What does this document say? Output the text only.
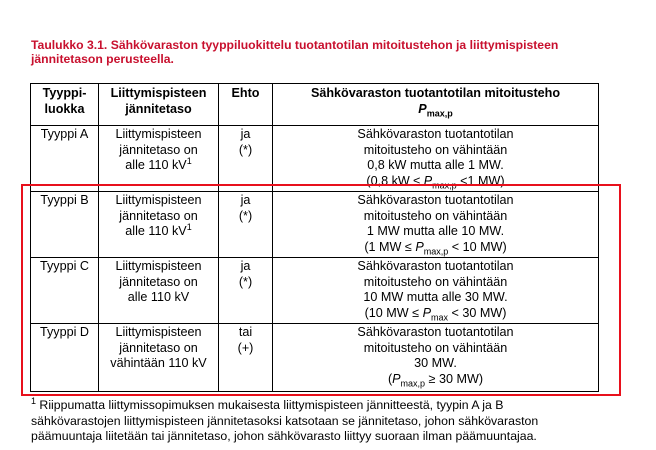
Taulukko 3.1. Sähkövaraston tyyppiluokittelu tuotantotilan mitoitustehon ja liittymispisteen jännitetason perusteella.
Tyyppi-
luokka	Liittymispisteen
jännitetaso	Ehto	Sähkövaraston tuotantotilan mitoitusteho
$P_{max,p}$
Tyyppi A	Liittymispisteen
jännitetaso on
alle 110 $kV^1$	ja
(*)	Sähkövaraston tuotantotilan
mitoitusteho on vähintään
0,8 kW mutta alle 1 MW.
(0,8 kW ≤ $P_{max,p} <1$ MW)
Tyyppi B	Liittymispisteen
jännitetaso on
alle 110 $kV^1$	ja
(*)	Sähkövaraston tuotantotilan
mitoitusteho on vähintään
1 MW mutta alle 10 MW.
(1 MW ≤ $P_{max,p} < 10$ MW)
Tyyppi C	Liittymispisteen
jännitetaso on
alle 110 kV	ja
(*)	Sähkövaraston tuotantotilan
mitoitusteho on vähintään
10 MW mutta alle 30 MW.
(10 MW ≤ $P_{max} < 30$ MW)
Tyyppi D	Liittymispisteen
jännitetaso on
vähintään 110 kV	tai
(+)	Sähkövaraston tuotantotilan
mitoitusteho on vähintään
30 MW.
($P_{max,p} \ge 30$ MW)
$^1$ Riippumatta liittymissopimuksen mukaisesta liittymispisteen jännitteestä, tyypin A ja B
sähkövarastojen liittymispisteen jännitetasoksi katsotaan se jännitetaso, johon sähkövaraston
päämuuntaja liitetään tai jännitetaso, johon sähkövarasto liittyy suoraan ilman päämuuntajaa.
